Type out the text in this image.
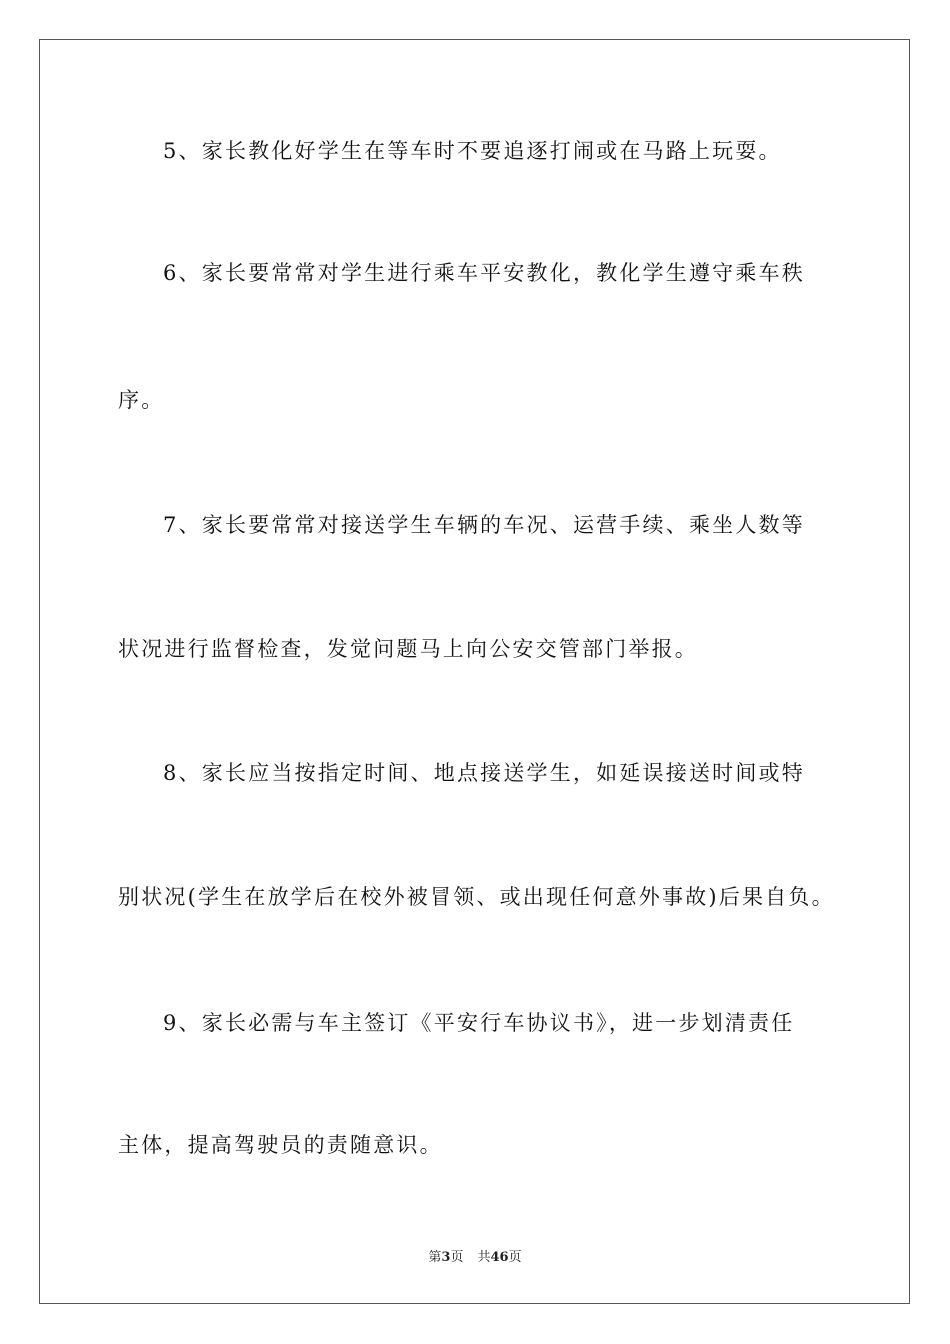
5、家长教化好学生在等车时不要追逐打闹或在马路上玩耍。
6、家长要常常对学生进行乘车平安教化，教化学生遵守乘车秩
序。
7、家长要常常对接送学生车辆的车况、运营手续、乘坐人数等
状况进行监督检查，发觉问题马上向公安交管部门举报。
8、家长应当按指定时间、地点接送学生，如延误接送时间或特
别状况(学生在放学后在校外被冒领、或出现任何意外事故)后果自负。
9、家长必需与车主签订《平安行车协议书》，进一步划清责任
主体，提高驾驶员的责随意识。
第3页 共46页
